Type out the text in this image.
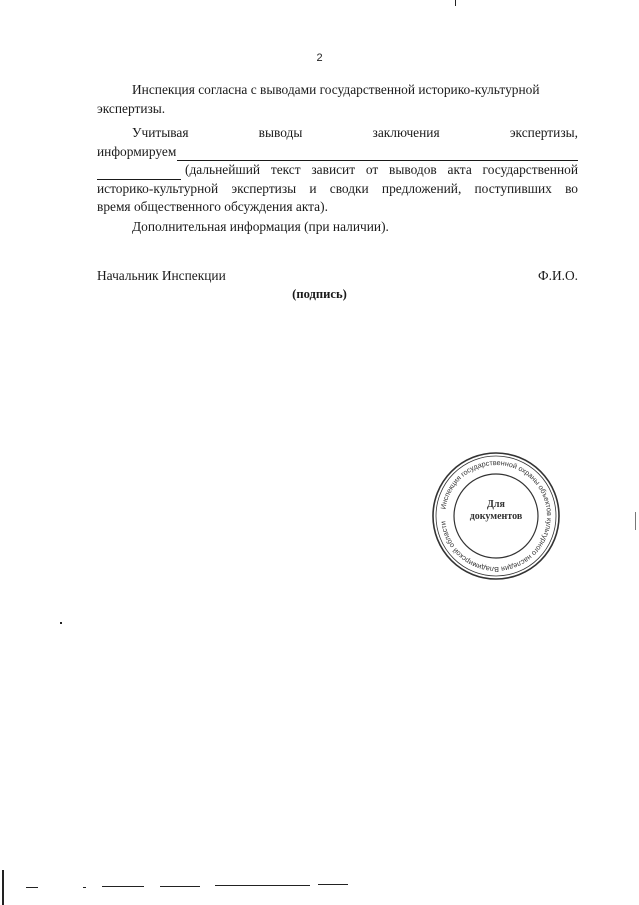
2
Инспекция согласна с выводами государственной историко-культурной
экспертизы.
Учитывая	выводы	заключения	экспертизы,
информируем
(дальнейший текст зависит от выводов акта государственной
историко-культурной экспертизы и сводки предложений, поступивших во
время общественного обсуждения акта).
Дополнительная информация (при наличии).
Начальник Инспекции	Ф.И.О.
(подпись)
Инспекция государственной охраны объектов культурного наследия Владимирской области
Для
документов
